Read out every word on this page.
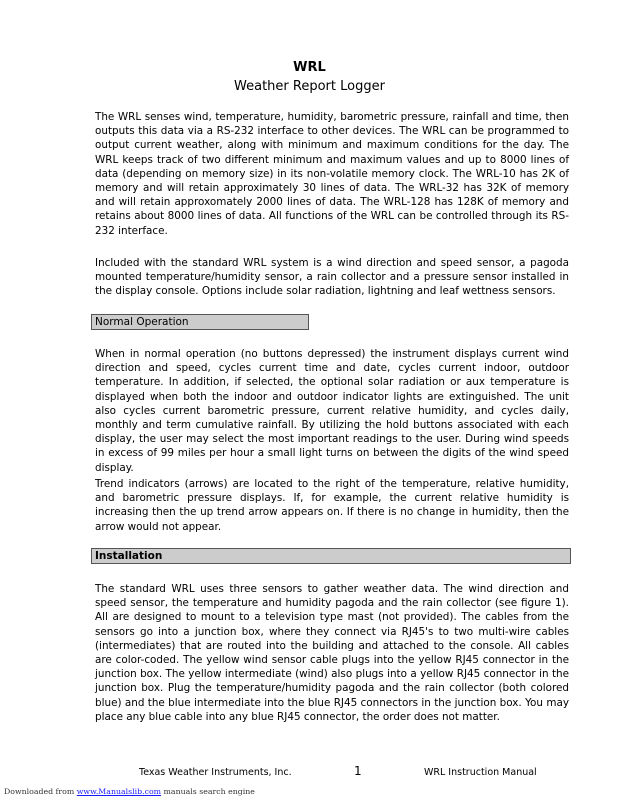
WRL
Weather Report Logger

The WRL senses wind, temperature, humidity, barometric pressure, rainfall and time, then outputs this data via a RS-232 interface to other devices. The WRL can be programmed to output current weather, along with minimum and maximum conditions for the day. The WRL keeps track of two different minimum and maximum values and up to 8000 lines of data (depending on memory size) in its non-volatile memory clock. The WRL-10 has 2K of memory and will retain approximately 30 lines of data. The WRL-32 has 32K of memory and will retain approxomately 2000 lines of data. The WRL-128 has 128K of memory and retains about 8000 lines of data. All functions of the WRL can be controlled through its RS-232 interface.

Included with the standard WRL system is a wind direction and speed sensor, a pagoda mounted temperature/humidity sensor, a rain collector and a pressure sensor installed in the display console. Options include solar radiation, lightning and leaf wettness sensors.

Normal Operation

When in normal operation (no buttons depressed) the instrument displays current wind direction and speed, cycles current time and date, cycles current indoor, outdoor temperature. In addition, if selected, the optional solar radiation or aux temperature is displayed when both the indoor and outdoor indicator lights are extinguished. The unit also cycles current barometric pressure, current relative humidity, and cycles daily, monthly and term cumulative rainfall. By utilizing the hold buttons associated with each display, the user may select the most important readings to the user. During wind speeds in excess of 99 miles per hour a small light turns on between the digits of the wind speed display.

Trend indicators (arrows) are located to the right of the temperature, relative humidity, and barometric pressure displays. If, for example, the current relative humidity is increasing then the up trend arrow appears on. If there is no change in humidity, then the arrow would not appear.

Installation

The standard WRL uses three sensors to gather weather data. The wind direction and speed sensor, the temperature and humidity pagoda and the rain collector (see figure 1). All are designed to mount to a television type mast (not provided). The cables from the sensors go into a junction box, where they connect via RJ45's to two multi-wire cables (intermediates) that are routed into the building and attached to the console. All cables are color-coded. The yellow wind sensor cable plugs into the yellow RJ45 connector in the junction box. The yellow intermediate (wind) also plugs into a yellow RJ45 connector in the junction box. Plug the temperature/humidity pagoda and the rain collector (both colored blue) and the blue intermediate into the blue RJ45 connectors in the junction box. You may place any blue cable into any blue RJ45 connector, the order does not matter.

Texas Weather Instruments, Inc.	1	WRL Instruction Manual
Downloaded from www.Manualslib.com manuals search engine
